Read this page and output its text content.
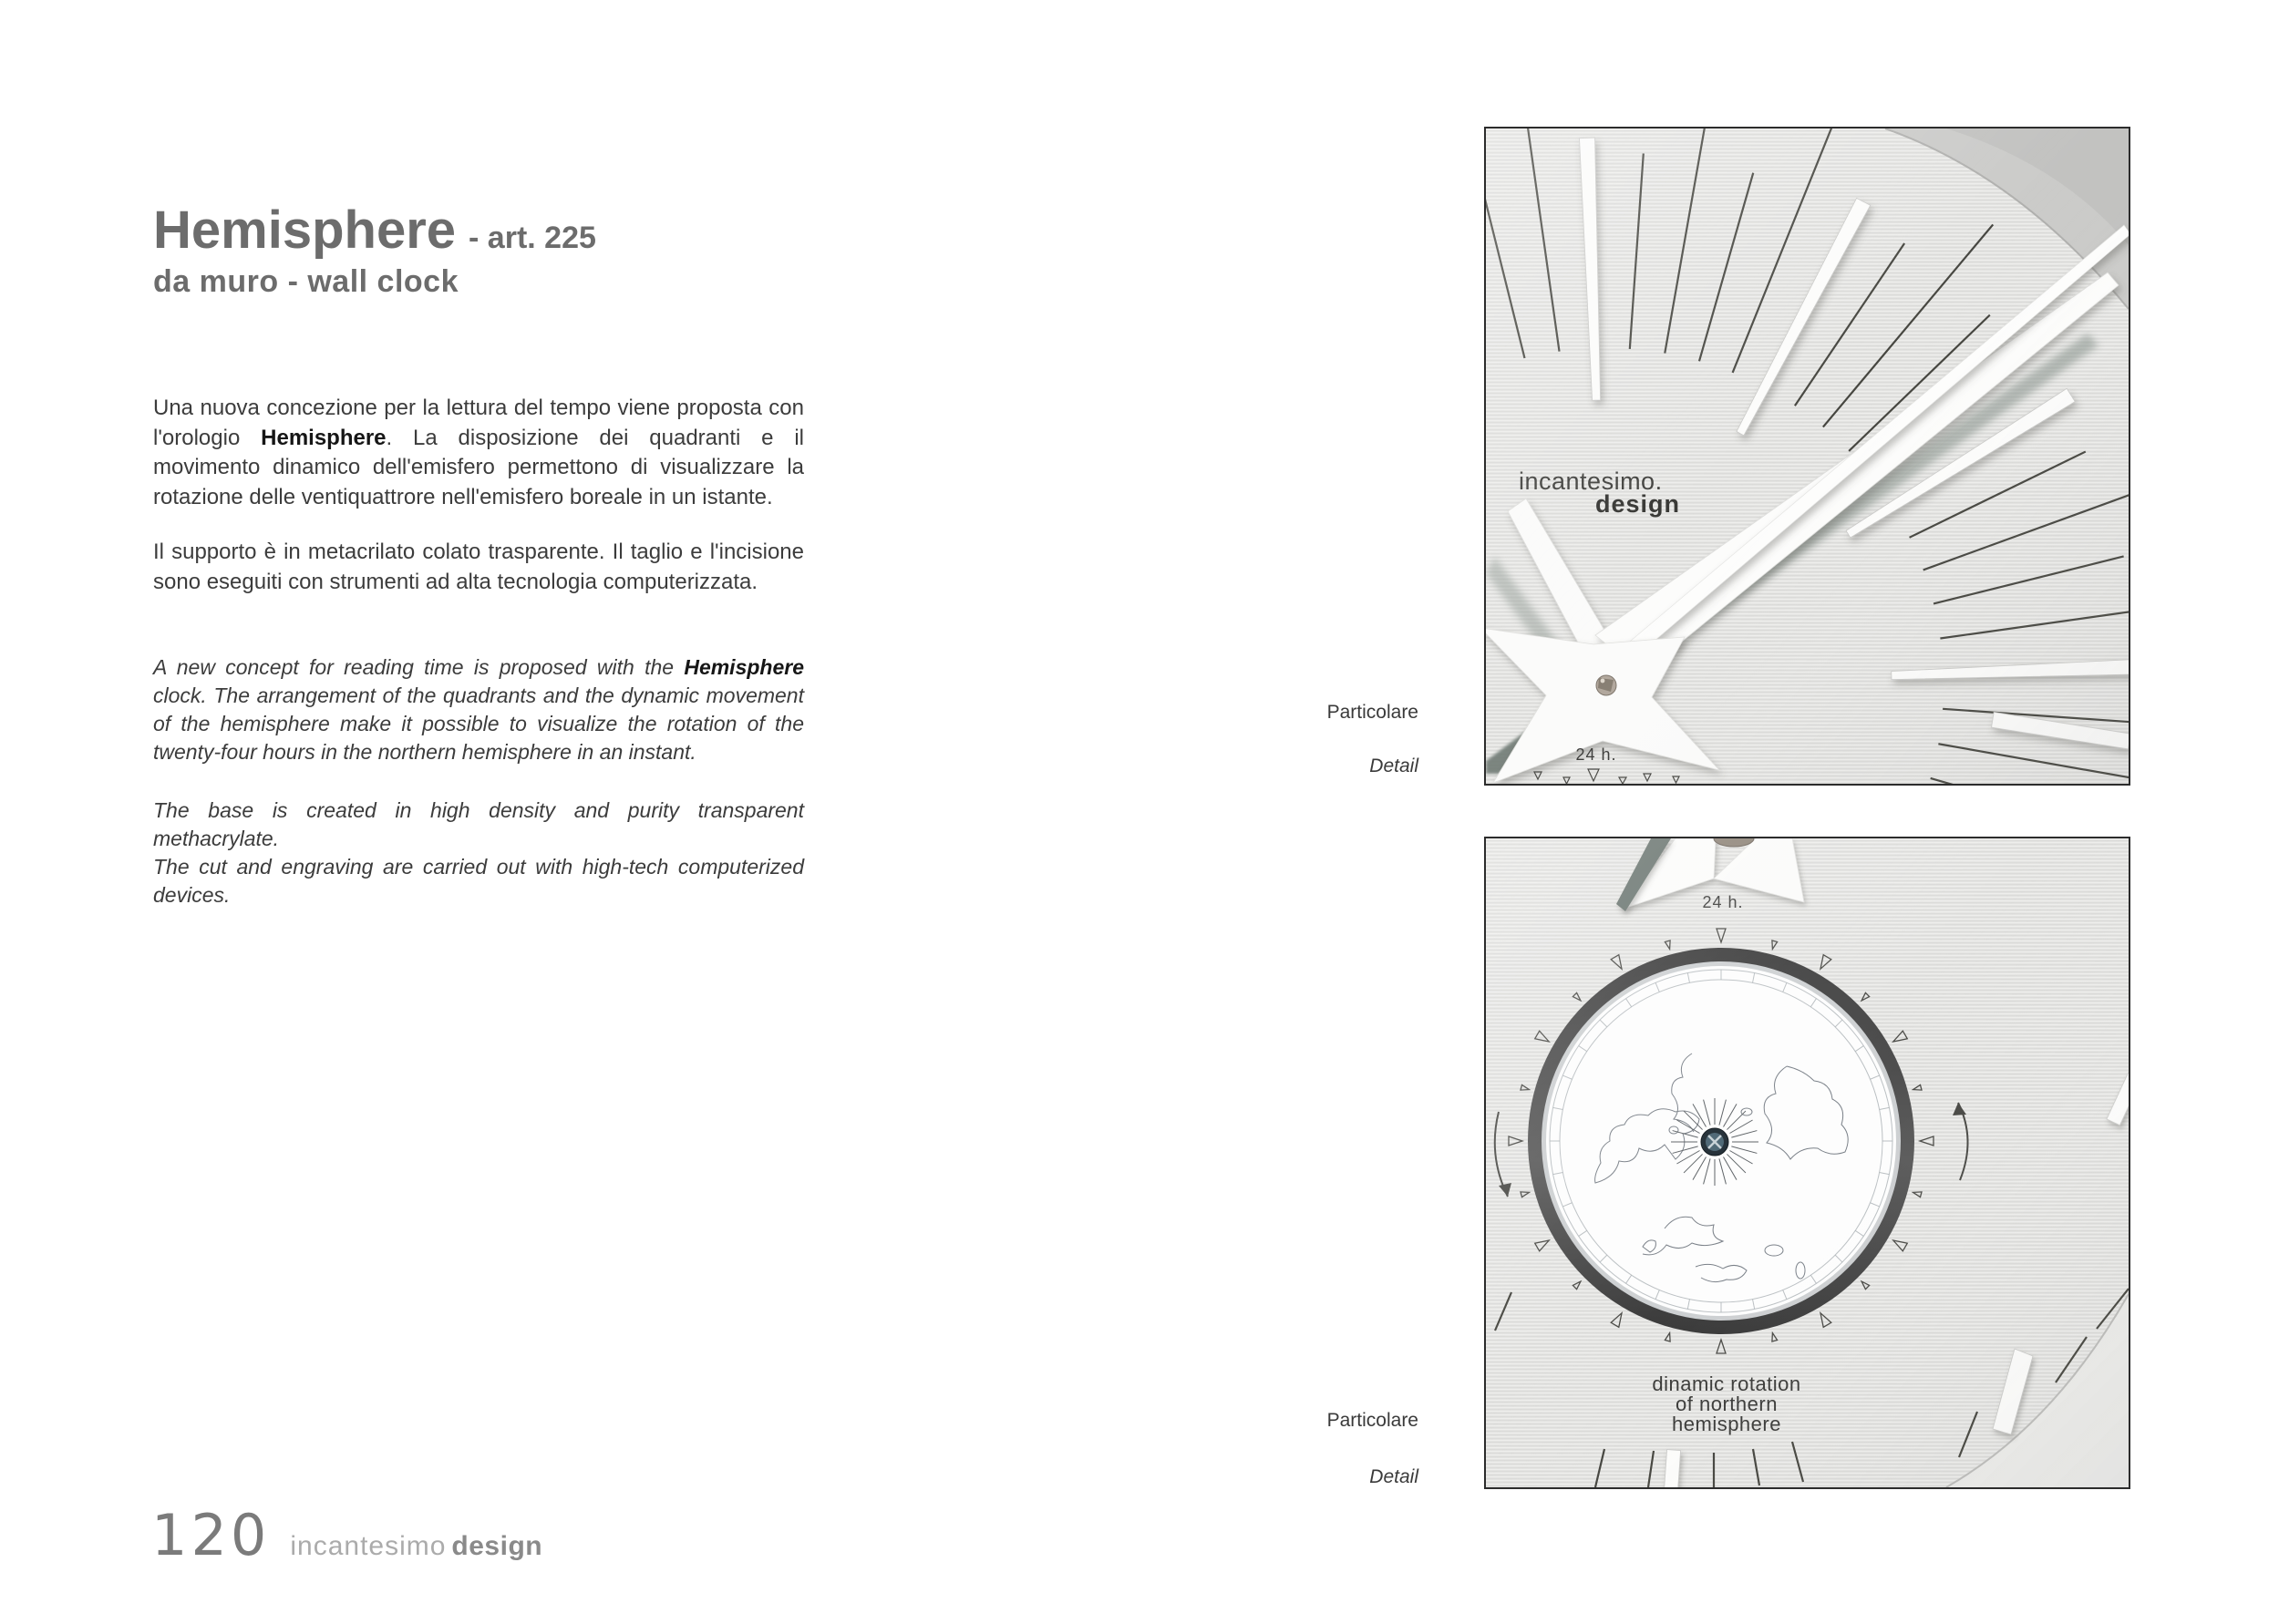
Hemisphere - art. 225
da muro - wall clock

Una nuova concezione per la lettura del tempo viene proposta con l'orologio Hemisphere. La disposizione dei quadranti e il movimento dinamico dell'emisfero permettono di visualizzare la rotazione delle ventiquattrore nell'emisfero boreale in un istante.

Il supporto è in metacrilato colato trasparente. Il taglio e l'incisione sono eseguiti con strumenti ad alta tecnologia computerizzata.

A new concept for reading time is proposed with the Hemisphere clock. The arrangement of the quadrants and the dynamic movement of the hemisphere make it possible to visualize the rotation of the twenty-four hours in the northern hemisphere in an instant.

The base is created in high density and purity transparent methacrylate.
The cut and engraving are carried out with high-tech computerized devices.

Particolare
Detail
Particolare
Detail
120 incantesimo design
